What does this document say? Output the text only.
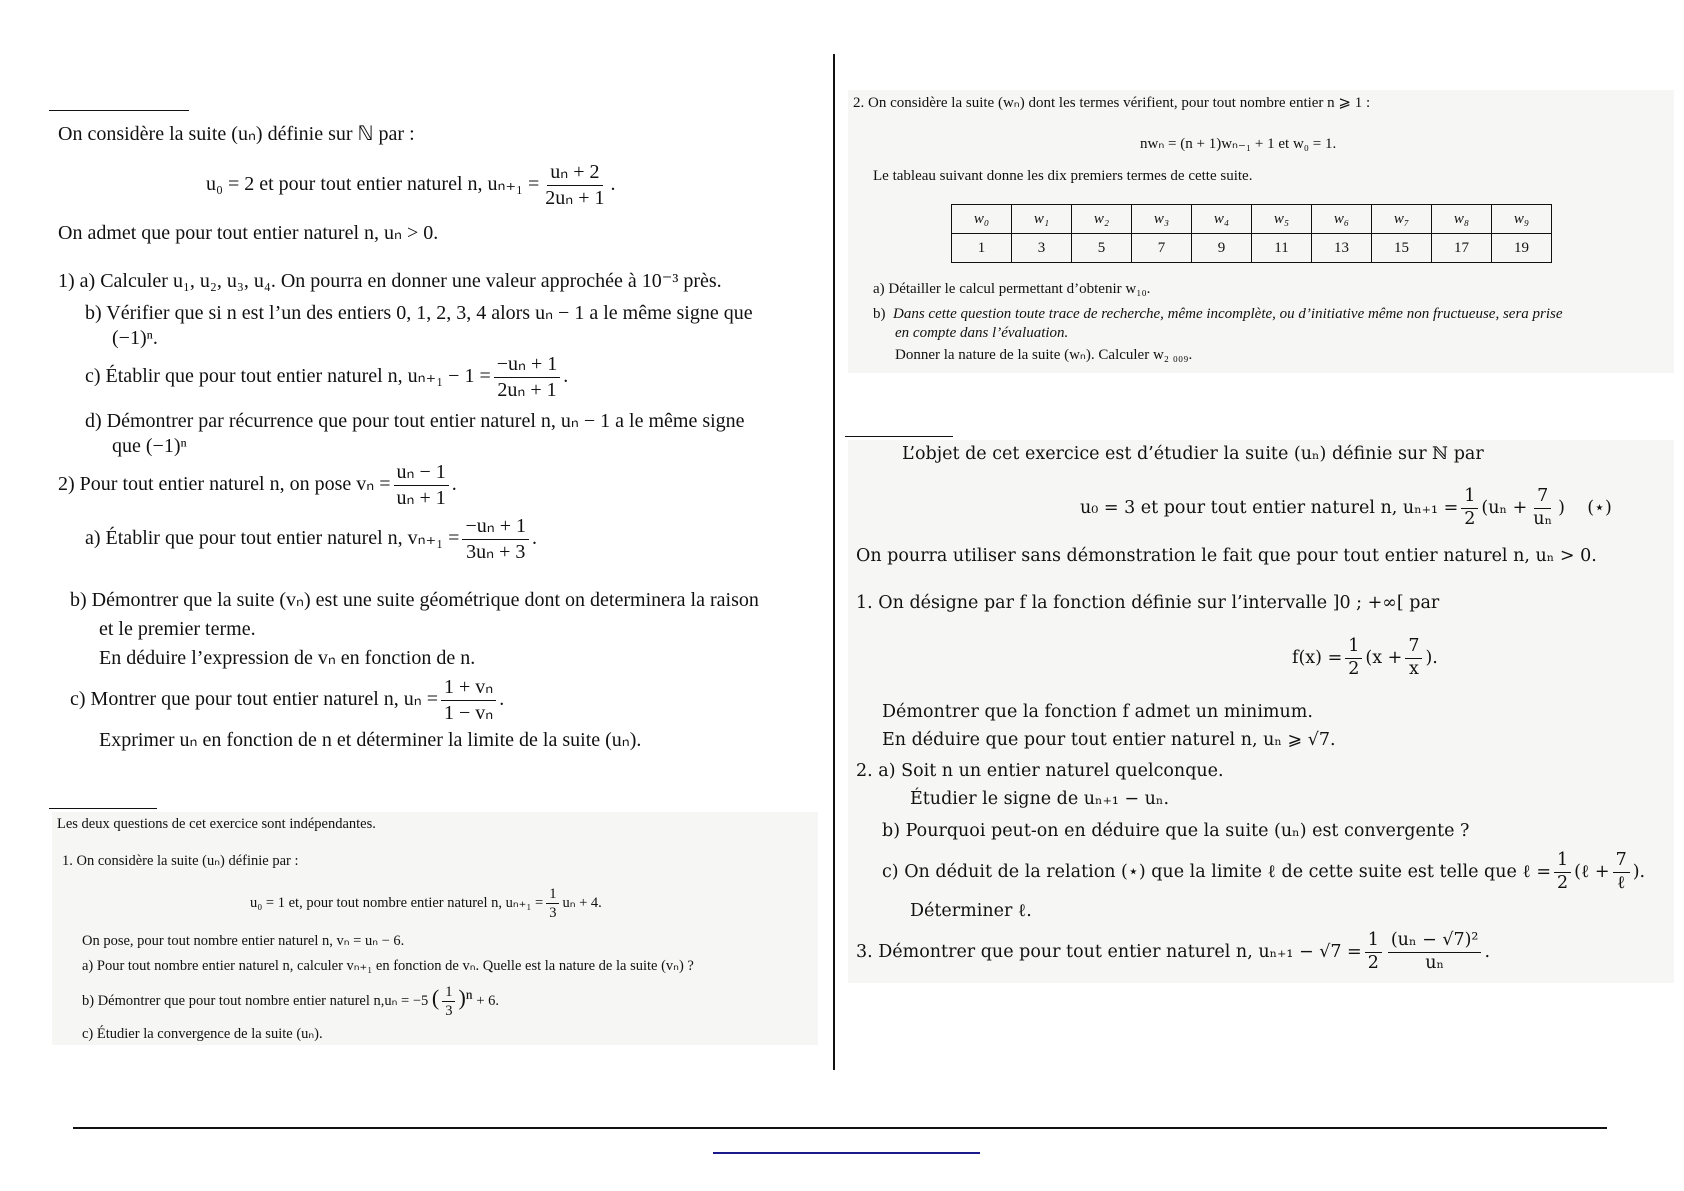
On considère la suite (uₙ) définie sur ℕ par :
u₀ = 2 et pour tout entier naturel n, $u_{n+1} = \frac{\text{uₙ + 2}}{\text{2uₙ + 1}}$ .
On admet que pour tout entier naturel n, uₙ > 0.
1) a) Calculer u₁, u₂, u₃, u₄. On pourra en donner une valeur approchée à 10⁻³ près.
b) Vérifier que si n est l’un des entiers 0, 1, 2, 3, 4 alors uₙ − 1 a le même signe que
(−1)ⁿ.
c) Établir que pour tout entier naturel n, $u_{n+1} - 1 = \frac{\text{−uₙ + 1}}{\text{2uₙ + 1}}$ .
d) Démontrer par récurrence que pour tout entier naturel n, uₙ − 1 a le même signe
que (−1)ⁿ
2) Pour tout entier naturel n, on pose $v_n = \frac{\text{uₙ − 1}}{\text{uₙ + 1}}$ .
a) Établir que pour tout entier naturel n, $v_{n+1} = \frac{\text{−uₙ + 1}}{\text{3uₙ + 3}}$ .
b) Démontrer que la suite (vₙ) est une suite géométrique dont on determinera la raison
et le premier terme.
En déduire l’expression de vₙ en fonction de n.
c) Montrer que pour tout entier naturel n, $u_n = \frac{\text{1 + vₙ}}{\text{1 − vₙ}}$ .
Exprimer uₙ en fonction de n et déterminer la limite de la suite (uₙ).
2. On considère la suite (wₙ) dont les termes vérifient, pour tout nombre entier n ⩾ 1 :
nwₙ = (n + 1)wₙ₋₁ + 1 et w₀ = 1.
Le tableau suivant donne les dix premiers termes de cette suite.
w₀	w₁	w₂	w₃	w₄	w₅	w₆	w₇	w₈	w₉
1	3	5	7	9	11	13	15	17	19
a) Détailler le calcul permettant d’obtenir w₁₀.
b) Dans cette question toute trace de recherche, même incomplète, ou d’initiative même non fructueuse, sera prise
en compte dans l’évaluation.
Donner la nature de la suite (wₙ). Calculer w₂ ₀₀₉.
L’objet de cet exercice est d’étudier la suite (uₙ) définie sur ℕ par
u₀ = 3 et pour tout entier naturel n, $u_{n+1} = \frac{1}{2} (u_n + \frac{7}{\text{uₙ}}$ ) (⋆)
On pourra utiliser sans démonstration le fait que pour tout entier naturel n, uₙ > 0.
1. On désigne par f la fonction définie sur l’intervalle ]0 ; +∞[ par
$f(x) = \frac{1}{2} (x + \frac{7}{x}$ ).
Démontrer que la fonction f admet un minimum.
En déduire que pour tout entier naturel n, uₙ ⩾ √7.
2. a) Soit n un entier naturel quelconque.
Étudier le signe de uₙ₊₁ − uₙ.
b) Pourquoi peut-on en déduire que la suite (uₙ) est convergente ?
c) On déduit de la relation (⋆) que la limite ℓ de cette suite est telle que ℓ = $\frac{1}{2}$ (ℓ + $\frac{7}{\text{ℓ}}$ ).
Déterminer ℓ.
3. Démontrer que pour tout entier naturel n, $u_{n+1} - √7 = \frac{1}{2} \frac{\text{(uₙ − √7)²}}{\text{uₙ}}$ .
Les deux questions de cet exercice sont indépendantes.
1. On considère la suite (uₙ) définie par :
u₀ = 1 et, pour tout nombre entier naturel n, $u_{n+1} = \frac{1}{3}$ uₙ + 4.
On pose, pour tout nombre entier naturel n, vₙ = uₙ − 6.
a) Pour tout nombre entier naturel n, calculer vₙ₊₁ en fonction de vₙ. Quelle est la nature de la suite (vₙ) ?
b) Démontrer que pour tout nombre entier naturel n,uₙ = −5 ( $\frac{1}{3} )^n + 6$.
c) Étudier la convergence de la suite (uₙ).
